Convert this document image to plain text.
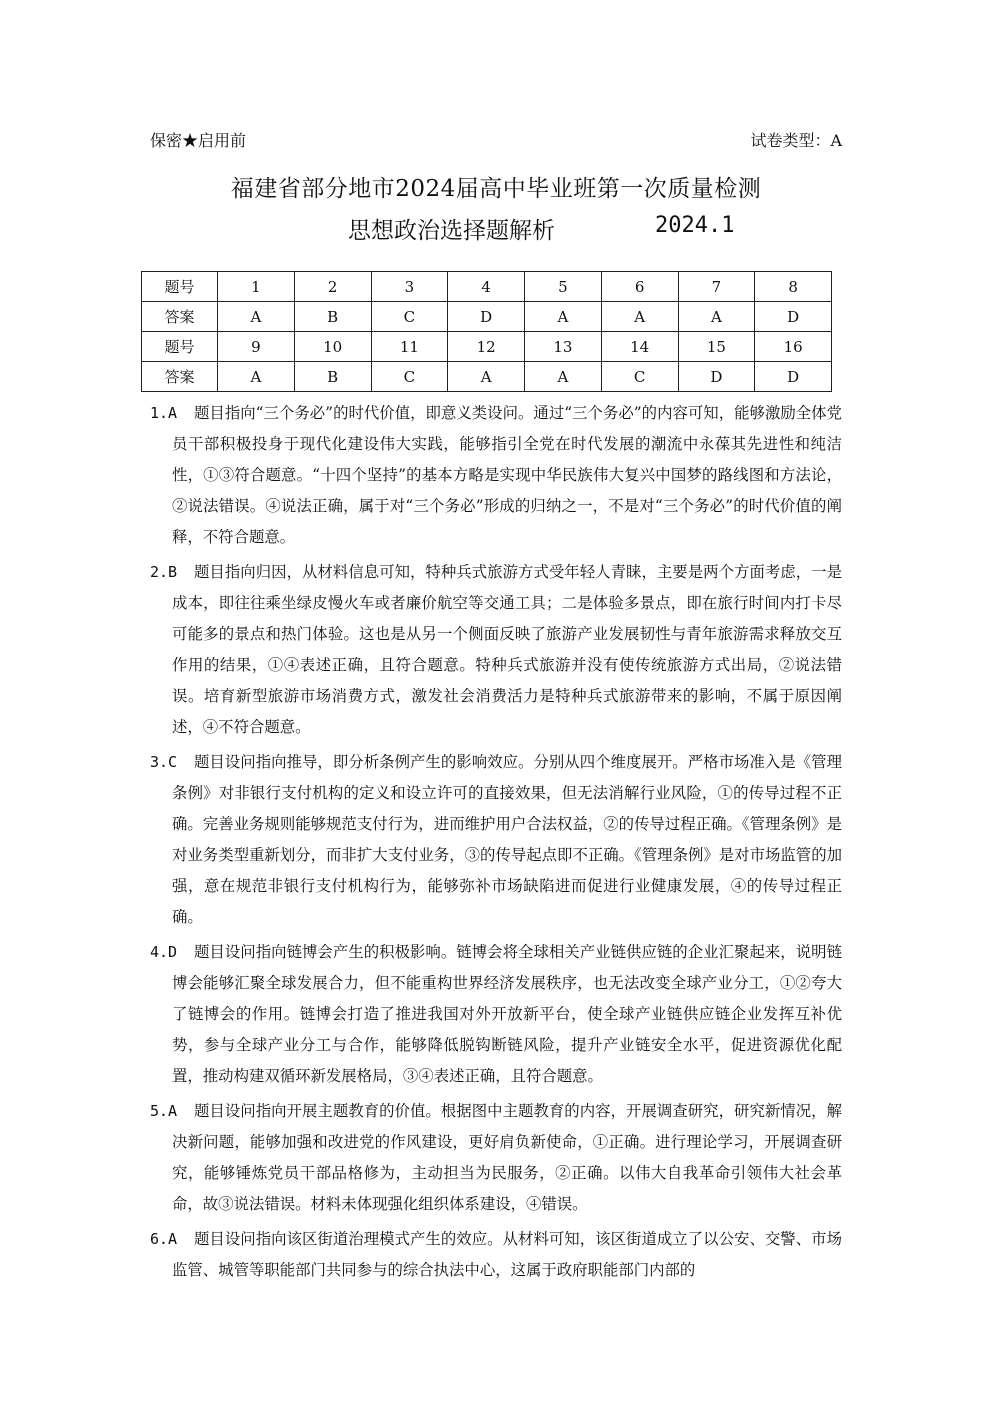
保密★启用前	试卷类型：A
福建省部分地市2024届高中毕业班第一次质量检测
思想政治选择题解析	2024.1
题号	1	2	3	4	5	6	7	8
答案	A	B	C	D	A	A	A	D
题号	9	10	11	12	13	14	15	16
答案	A	B	C	A	A	C	D	D
1.A	题目指向“三个务必”的时代价值，即意义类设问。通过“三个务必”的内容可知，能够激励全体党员干部积极投身于现代化建设伟大实践，能够指引全党在时代发展的潮流中永葆其先进性和纯洁性，①③符合题意。“十四个坚持”的基本方略是实现中华民族伟大复兴中国梦的路线图和方法论，②说法错误。④说法正确，属于对“三个务必”形成的归纳之一，不是对“三个务必”的时代价值的阐释，不符合题意。
2.B	题目指向归因，从材料信息可知，特种兵式旅游方式受年轻人青睐，主要是两个方面考虑，一是成本，即往往乘坐绿皮慢火车或者廉价航空等交通工具；二是体验多景点，即在旅行时间内打卡尽可能多的景点和热门体验。这也是从另一个侧面反映了旅游产业发展韧性与青年旅游需求释放交互作用的结果，①④表述正确，且符合题意。特种兵式旅游并没有使传统旅游方式出局，②说法错误。培育新型旅游市场消费方式，激发社会消费活力是特种兵式旅游带来的影响，不属于原因阐述，④不符合题意。
3.C	题目设问指向推导，即分析条例产生的影响效应。分别从四个维度展开。严格市场准入是《管理条例》对非银行支付机构的定义和设立许可的直接效果，但无法消解行业风险，①的传导过程不正确。完善业务规则能够规范支付行为，进而维护用户合法权益，②的传导过程正确。《管理条例》是对业务类型重新划分，而非扩大支付业务，③的传导起点即不正确。《管理条例》是对市场监管的加强，意在规范非银行支付机构行为，能够弥补市场缺陷进而促进行业健康发展，④的传导过程正确。
4.D	题目设问指向链博会产生的积极影响。链博会将全球相关产业链供应链的企业汇聚起来，说明链博会能够汇聚全球发展合力，但不能重构世界经济发展秩序，也无法改变全球产业分工，①②夸大了链博会的作用。链博会打造了推进我国对外开放新平台，使全球产业链供应链企业发挥互补优势，参与全球产业分工与合作，能够降低脱钩断链风险，提升产业链安全水平，促进资源优化配置，推动构建双循环新发展格局，③④表述正确，且符合题意。
5.A	题目设问指向开展主题教育的价值。根据图中主题教育的内容，开展调查研究，研究新情况，解决新问题，能够加强和改进党的作风建设，更好肩负新使命，①正确。进行理论学习，开展调查研究，能够锤炼党员干部品格修为，主动担当为民服务，②正确。以伟大自我革命引领伟大社会革命，故③说法错误。材料未体现强化组织体系建设，④错误。
6.A	题目设问指向该区街道治理模式产生的效应。从材料可知，该区街道成立了以公安、交警、市场监管、城管等职能部门共同参与的综合执法中心，这属于政府职能部门内部的
